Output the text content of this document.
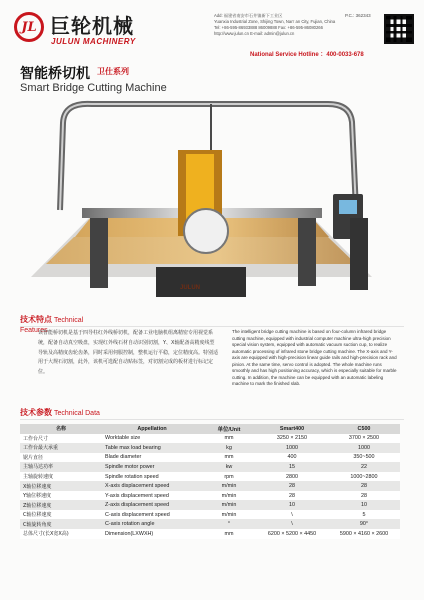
JL 巨轮机械
JULUN MACHINERY
Add: 福建省南安市石井镇新下工业区
Yuanxia Industrial Zone, Shijing Town, Nan' an City, Fujian, China
Tel: +86-595-86933888 86009888 Fax: +86-595-86080266
http://www.julun.cn E-mail: admin@julun.cn
P.C.: 362343
National Service Hotline ：400-0033-678
智能桥切机 卫仕系列
Smart Bridge Cutting Machine
JULUN
技术特点 Technical Features
该智能桥切机是基于四导柱红外线桥切机，配备工业电脑机组离精密专用视觉系统，配备自动真空吸盘，实现红外线石材自动识别切割，Y、X轴配备高精度线型导轨及高精度齿轮齿条，同时采用伺服控制，整机运行平稳，定位精度高。特别适用于大规石切割，此外，该机可选配自动贴标签，对切割完成的板材进行标记定位。
The intelligent bridge cutting machine is based on four-column infrared bridge cutting machine, equipped with industrial computer machine ultra-high precision special vision system, equipped with automatic vacuum suction cup, to realize automatic processing of infrared stone bridge cutting machine. The X-axis and Y-axis are equipped with high-precision linear guide rails and high-precision rack and pinion. At the same time, servo control is adopted. The whole machine runs smoothly and has high positioning accuracy, which is especially suitable for marble cutting. In addition, the machine can be equipped with an automatic labeling machine to mark the finished slab.
技术参数 Technical Data
名称	Appellation	单位/Unit	Smart400	C500
工作台尺寸	Worktable size	mm	3250 × 2150	3700 × 2500
工作台最大承重	Table max load bearing	kg	1000	1000
锯片直径	Blade diameter	mm	400	350~500
主轴马达功率	Spindle motor power	kw	15	22
主轴旋转速度	Spindle rotation speed	rpm	2800	1000~2800
X轴位移速度	X-axis displacement speed	m/min	28	28
Y轴位移速度	Y-axis displacement speed	m/min	28	28
Z轴位移速度	Z-axis displacement speed	m/min	10	10
C轴位移速度	C-axis displacement speed	m/min	\	5
C轴旋转角度	C-axis rotation angle	°	\	90°
总体尺寸(长X宽X高)	Dimension(LXWXH)	mm	6200 × 5200 × 4450	5900 × 4160 × 2600
